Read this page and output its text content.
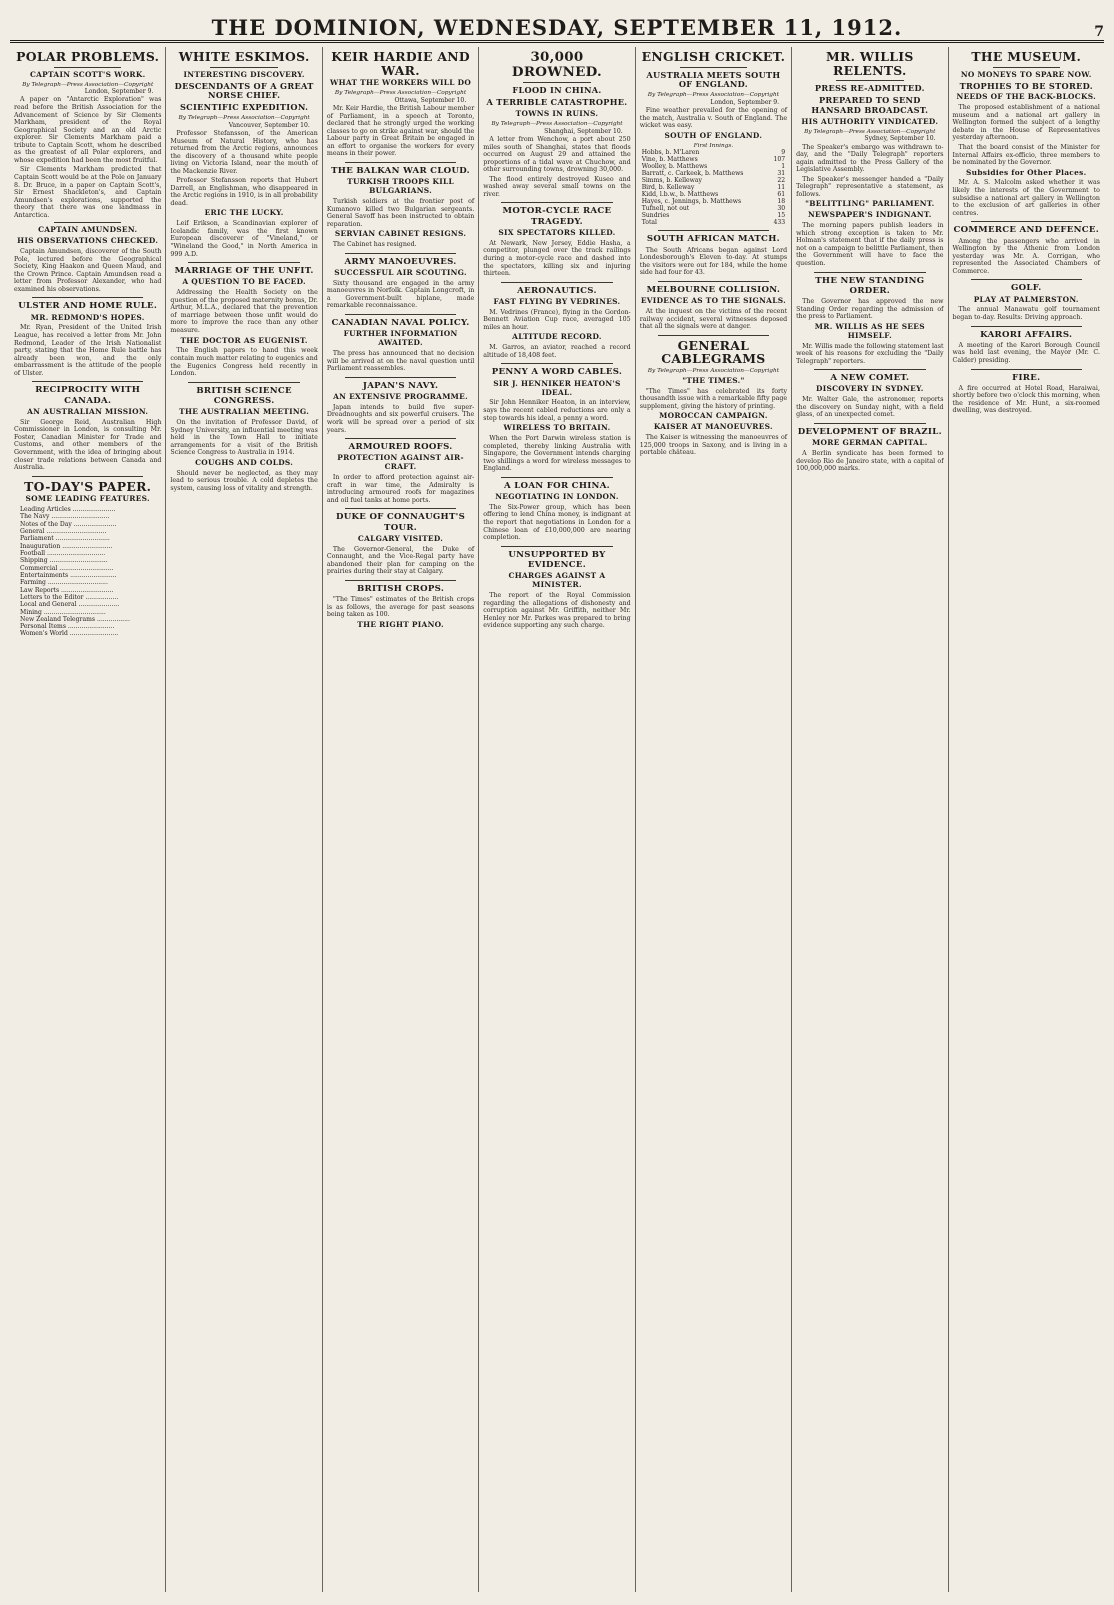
THE DOMINION, WEDNESDAY, SEPTEMBER 11, 1912.	7
POLAR PROBLEMS.
CAPTAIN SCOTT'S WORK.
By Telegraph—Press Association—Copyright
London, September 9.

A paper on "Antarctic Exploration" was read before the British Association for the Advancement of Science by Sir Clements Markham, president of the Royal Geographical Society and an old Arctic explorer. Sir Clements Markham paid a tribute to Captain Scott, whom he described as the greatest of all Polar explorers, and whose expedition had been the most fruitful.

Sir Clements Markham predicted that Captain Scott would be at the Pole on January 8. Dr. Bruce, in a paper on Captain Scott's, Sir Ernest Shackleton's, and Captain Amundsen's explorations, supported the theory that there was one landmass in Antarctica.

CAPTAIN AMUNDSEN.
HIS OBSERVATIONS CHECKED.

Captain Amundsen, discoverer of the South Pole, lectured before the Geographical Society, King Haakon and Queen Maud, and the Crown Prince. Captain Amundsen read a letter from Professor Alexander, who had examined his observations.

ULSTER AND HOME RULE.
MR. REDMOND'S HOPES.

Mr. Ryan, President of the United Irish League, has received a letter from Mr. John Redmond, Leader of the Irish Nationalist party, stating that the Home Rule battle has already been won, and the only embarrassment is the attitude of the people of Ulster.

RECIPROCITY WITH CANADA.
AN AUSTRALIAN MISSION.

Sir George Reid, Australian High Commissioner in London, is consulting Mr. Foster, Canadian Minister for Trade and Customs, and other members of the Government, with the idea of bringing about closer trade relations between Canada and Australia.

TO-DAY'S PAPER.
SOME LEADING FEATURES.
Leading Articles ......................
The Navy ..............................
Notes of the Day ......................
General ...............................
Parliament ............................
Inauguration ..........................
Football ..............................
Shipping ..............................
Commercial ............................
Entertainments ........................
Farming ...............................
Law Reports ...........................
Letters to the Editor .................
Local and General .....................
Mining ................................
New Zealand Telegrams .................
Personal Items ........................
Women's World .........................
WHITE ESKIMOS.
INTERESTING DISCOVERY.
DESCENDANTS OF A GREAT NORSE CHIEF.
SCIENTIFIC EXPEDITION.
By Telegraph—Press Association—Copyright
Vancouver, September 10.

Professor Stefansson, of the American Museum of Natural History, who has returned from the Arctic regions, announces the discovery of a thousand white people living on Victoria Island, near the mouth of the Mackenzie River.

Professor Stefansson reports that Hubert Darrell, an Englishman, who disappeared in the Arctic regions in 1910, is in all probability dead.

ERIC THE LUCKY.

Leif Erikson, a Scandinavian explorer of Icelandic family, was the first known European discoverer of "Vineland," or "Wineland the Good," in North America in 999 A.D.

MARRIAGE OF THE UNFIT.
A QUESTION TO BE FACED.

Addressing the Health Society on the question of the proposed maternity bonus, Dr. Arthur, M.L.A., declared that the prevention of marriage between those unfit would do more to improve the race than any other measure.

THE DOCTOR AS EUGENIST.

The English papers to hand this week contain much matter relating to eugenics and the Eugenics Congress held recently in London.

BRITISH SCIENCE CONGRESS.
THE AUSTRALIAN MEETING.

On the invitation of Professor David, of Sydney University, an influential meeting was held in the Town Hall to initiate arrangements for a visit of the British Science Congress to Australia in 1914.

COUGHS AND COLDS.

Should never be neglected, as they may lead to serious trouble. A cold depletes the system, causing loss of vitality and strength.

KEIR HARDIE AND WAR.
WHAT THE WORKERS WILL DO
By Telegraph—Press Association—Copyright
Ottawa, September 10.

Mr. Keir Hardie, the British Labour member of Parliament, in a speech at Toronto, declared that he strongly urged the working classes to go on strike against war, should the Labour party in Great Britain be engaged in an effort to organise the workers for every means in their power.

THE BALKAN WAR CLOUD.
TURKISH TROOPS KILL BULGARIANS.

Turkish soldiers at the frontier post of Kumanovo killed two Bulgarian sergeants. General Savoff has been instructed to obtain reparation.

SERVIAN CABINET RESIGNS.

The Cabinet has resigned.

ARMY MANOEUVRES.
SUCCESSFUL AIR SCOUTING.

Sixty thousand are engaged in the army manoeuvres in Norfolk. Captain Longcroft, in a Government-built biplane, made remarkable reconnaissance.

CANADIAN NAVAL POLICY.
FURTHER INFORMATION AWAITED.

The press has announced that no decision will be arrived at on the naval question until Parliament reassembles.

JAPAN'S NAVY.
AN EXTENSIVE PROGRAMME.

Japan intends to build five super-Dreadnoughts and six powerful cruisers. The work will be spread over a period of six years.

ARMOURED ROOFS.
PROTECTION AGAINST AIR-CRAFT.

In order to afford protection against air-craft in war time, the Admiralty is introducing armoured roofs for magazines and oil fuel tanks at home ports.

DUKE OF CONNAUGHT'S TOUR.
CALGARY VISITED.

The Governor-General, the Duke of Connaught, and the Vice-Regal party have abandoned their plan for camping on the prairies during their stay at Calgary.

BRITISH CROPS.

"The Times" estimates of the British crops is as follows, the average for past seasons being taken as 100.

THE RIGHT PIANO.
30,000 DROWNED.
FLOOD IN CHINA.
A TERRIBLE CATASTROPHE.
TOWNS IN RUINS.
By Telegraph—Press Association—Copyright
Shanghai, September 10.

A letter from Wenchow, a port about 250 miles south of Shanghai, states that floods occurred on August 29 and attained the proportions of a tidal wave at Chuchow, and other surrounding towns, drowning 30,000.

The flood entirely destroyed Kuseo and washed away several small towns on the river.

MOTOR-CYCLE RACE TRAGEDY.
SIX SPECTATORS KILLED.

At Newark, New Jersey, Eddie Hasha, a competitor, plunged over the track railings during a motor-cycle race and dashed into the spectators, killing six and injuring thirteen.

AERONAUTICS.
FAST FLYING BY VEDRINES.

M. Vedrines (France), flying in the Gordon-Bennett Aviation Cup race, averaged 105 miles an hour.

ALTITUDE RECORD.

M. Garros, an aviator, reached a record altitude of 18,408 feet.

PENNY A WORD CABLES.
SIR J. HENNIKER HEATON'S IDEAL.

Sir John Henniker Heaton, in an interview, says the recent cabled reductions are only a step towards his ideal, a penny a word.

WIRELESS TO BRITAIN.

When the Port Darwin wireless station is completed, thereby linking Australia with Singapore, the Government intends charging two shillings a word for wireless messages to England.

A LOAN FOR CHINA.
NEGOTIATING IN LONDON.

The Six-Power group, which has been offering to lend China money, is indignant at the report that negotiations in London for a Chinese loan of £10,000,000 are nearing completion.

UNSUPPORTED BY EVIDENCE.
CHARGES AGAINST A MINISTER.

The report of the Royal Commission regarding the allegations of dishonesty and corruption against Mr. Griffith, neither Mr. Henley nor Mr. Parkes was prepared to bring evidence supporting any such charge.

ENGLISH CRICKET.
AUSTRALIA MEETS SOUTH OF ENGLAND.
By Telegraph—Press Association—Copyright
London, September 9.

Fine weather prevailed for the opening of the match, Australia v. South of England. The wicket was easy.

SOUTH OF ENGLAND.
First Innings.
Hobbs, b. M'Laren	9
Vine, b. Matthews	107
Woolley, b. Matthews	1
Barratt, c. Carkeek, b. Matthews	31
Simms, b. Kelleway	22
Bird, b. Kelleway	11
Kidd, l.b.w., b. Matthews	61
Hayes, c. Jennings, b. Matthews	18
Tufnell, not out	30
Sundries	15
Total	433
SOUTH AFRICAN MATCH.

The South Africans began against Lord Londesborough's Eleven to-day. At stumps the visitors were out for 184, while the home side had four for 43.

MELBOURNE COLLISION.
EVIDENCE AS TO THE SIGNALS.

At the inquest on the victims of the recent railway accident, several witnesses deposed that all the signals were at danger.

GENERAL CABLEGRAMS
By Telegraph—Press Association—Copyright
"THE TIMES."

"The Times" has celebrated its forty thousandth issue with a remarkable fifty page supplement, giving the history of printing.

MOROCCAN CAMPAIGN.
KAISER AT MANOEUVRES.

The Kaiser is witnessing the manoeuvres of 125,000 troops in Saxony, and is living in a portable château.

MR. WILLIS RELENTS.
PRESS RE-ADMITTED.
PREPARED TO SEND HANSARD BROADCAST.
HIS AUTHORITY VINDICATED.
By Telegraph—Press Association—Copyright
Sydney, September 10.

The Speaker's embargo was withdrawn to-day, and the "Daily Telegraph" reporters again admitted to the Press Gallery of the Legislative Assembly.

The Speaker's messenger handed a "Daily Telegraph" representative a statement, as follows.

"BELITTLING" PARLIAMENT.
NEWSPAPER'S INDIGNANT.

The morning papers publish leaders in which strong exception is taken to Mr. Holman's statement that if the daily press is not on a campaign to belittle Parliament, then the Government will have to face the question.

THE NEW STANDING ORDER.

The Governor has approved the new Standing Order regarding the admission of the press to Parliament.

MR. WILLIS AS HE SEES HIMSELF.

Mr. Willis made the following statement last week of his reasons for excluding the "Daily Telegraph" reporters.

A NEW COMET.
DISCOVERY IN SYDNEY.

Mr. Walter Gale, the astronomer, reports the discovery on Sunday night, with a field glass, of an unexpected comet.

DEVELOPMENT OF BRAZIL.
MORE GERMAN CAPITAL.

A Berlin syndicate has been formed to develop Rio de Janeiro state, with a capital of 100,000,000 marks.

THE MUSEUM.
NO MONEYS TO SPARE NOW.
TROPHIES TO BE STORED.
NEEDS OF THE BACK-BLOCKS.

The proposed establishment of a national museum and a national art gallery in Wellington formed the subject of a lengthy debate in the House of Representatives yesterday afternoon.

That the board consist of the Minister for Internal Affairs ex-officio, three members to be nominated by the Governor.

Subsidies for Other Places.

Mr. A. S. Malcolm asked whether it was likely the interests of the Government to subsidise a national art gallery in Wellington to the exclusion of art galleries in other centres.

COMMERCE AND DEFENCE.

Among the passengers who arrived in Wellington by the Athenic from London yesterday was Mr. A. Corrigan, who represented the Associated Chambers of Commerce.

GOLF.
PLAY AT PALMERSTON.

The annual Manawatu golf tournament began to-day. Results: Driving approach.

KARORI AFFAIRS.

A meeting of the Karori Borough Council was held last evening, the Mayor (Mr. C. Calder) presiding.

FIRE.

A fire occurred at Hotel Road, Haraiwai, shortly before two o'clock this morning, when the residence of Mr. Hunt, a six-roomed dwelling, was destroyed.
